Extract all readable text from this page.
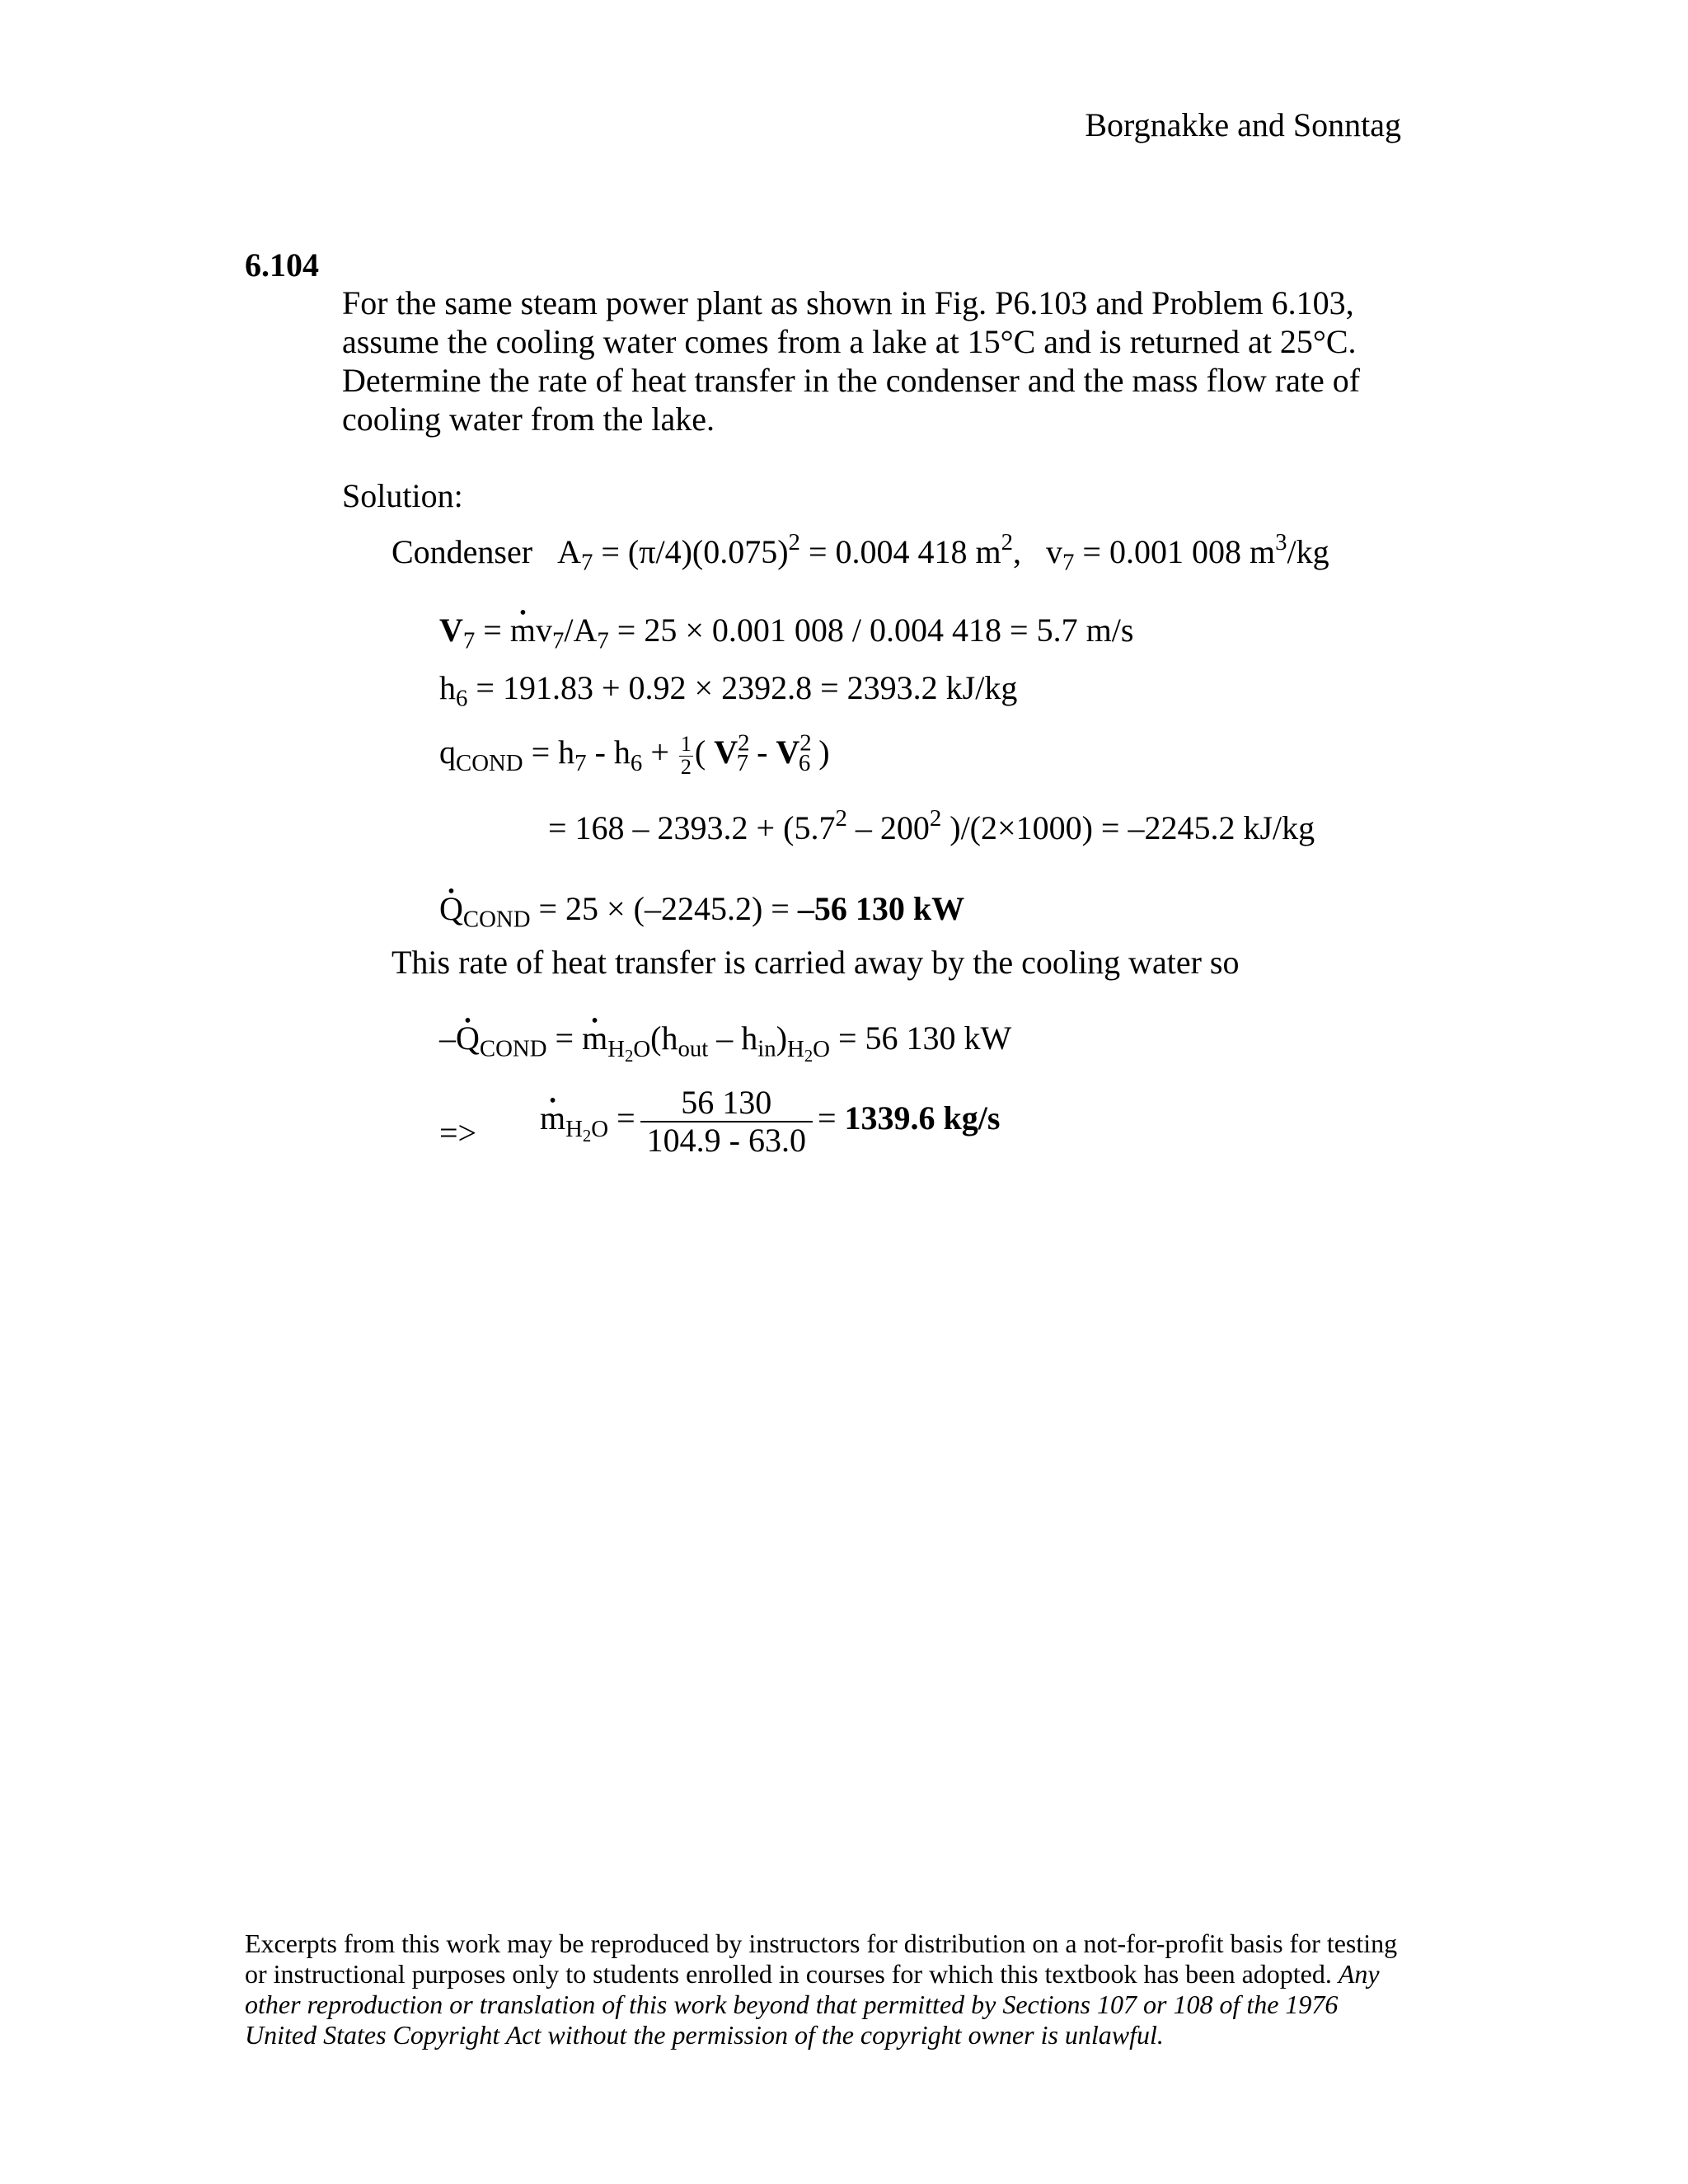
Borgnakke and Sonntag
6.104
For the same steam power plant as shown in Fig. P6.103 and Problem 6.103, assume the cooling water comes from a lake at 15°C and is returned at 25°C. Determine the rate of heat transfer in the condenser and the mass flow rate of cooling water from the lake.
Solution:
Condenser   $A_7 = (\pi/4)(0.075)^2 = 0.004$ 418 $m^2$,   $v_7 = 0.001$ 008 $m^3/kg$
$V_7$ = • $mv_7/A_7 = 25 \times 0.001$ 008 / 0.004 418 = 5.7 m/s
$h_6 = 191.83 + 0.92 \times 2392.8 = 2393.2$ kJ/kg
$q_{COND} = h_7 - h_6 + \frac{1}{2}$ ( $V^2_7 - V^2_6$ )
= $168 - 2393.2 + (5.7^2 - 200^2$ )/(2×1000) = –2245.2 kJ/kg
• $Q_{COND} = 25 \times (-2245.2) = -56$ 130 kW
This rate of heat transfer is carried away by the cooling water so
–• $Q_{COND}$ = • $m_{H_2O}(h_{out} - h_{in})_{H_2O} = 56$ 130 kW
=>
• $m_{H_2O} = \frac{56 130}{104.9 - 63.0} = 1339.6$ kg/s
Excerpts from this work may be reproduced by instructors for distribution on a not-for-profit basis for testing or instructional purposes only to students enrolled in courses for which this textbook has been adopted. Any other reproduction or translation of this work beyond that permitted by Sections 107 or 108 of the 1976 United States Copyright Act without the permission of the copyright owner is unlawful.
